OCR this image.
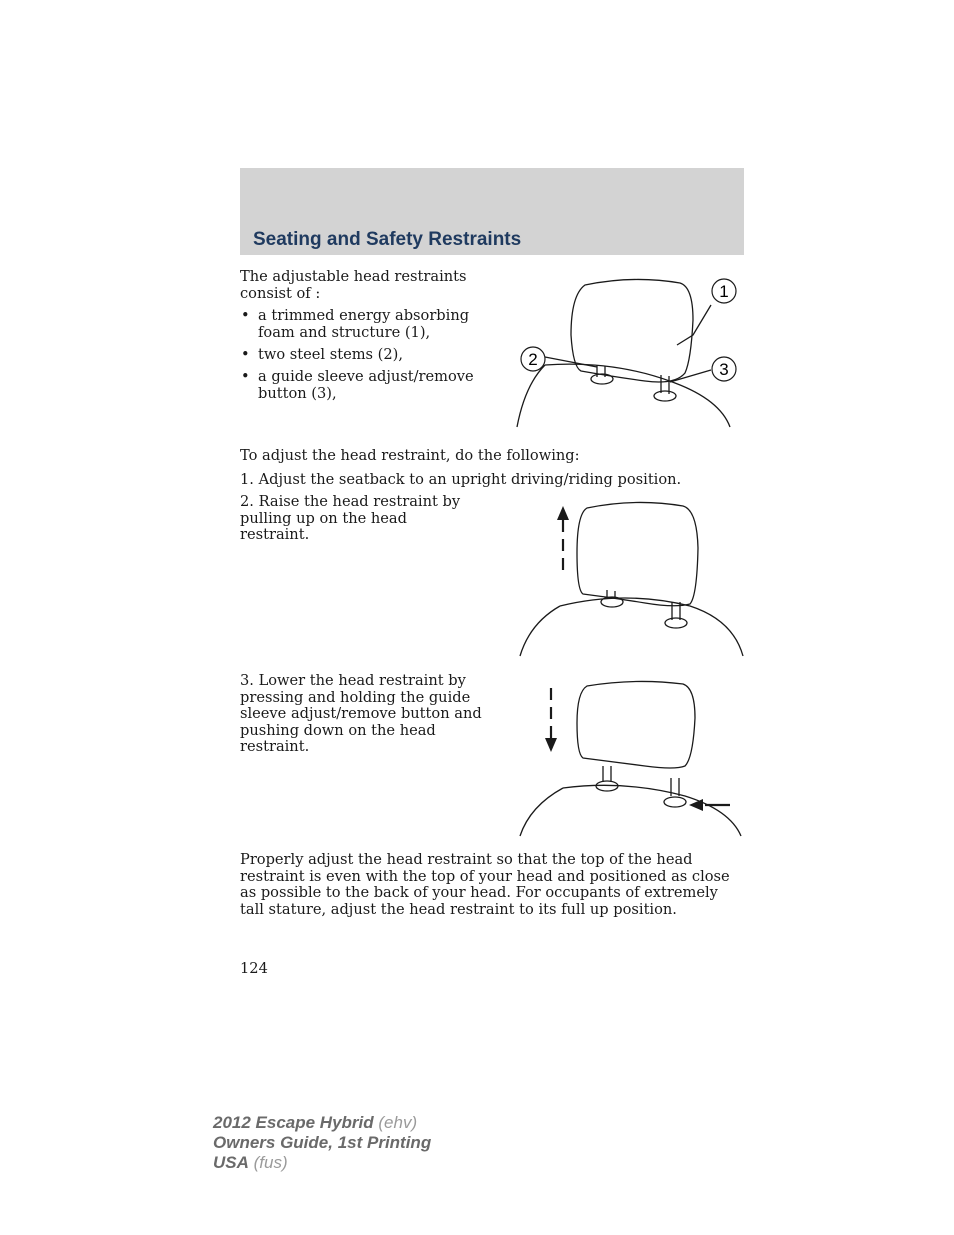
Seating and Safety Restraints

The adjustable head restraints consist of :

• a trimmed energy absorbing foam and structure (1),
• two steel stems (2),
• a guide sleeve adjust/remove button (3),
1
2
3

To adjust the head restraint, do the following:

1. Adjust the seatback to an upright driving/riding position.

2. Raise the head restraint by pulling up on the head restraint.

3. Lower the head restraint by pressing and holding the guide sleeve adjust/remove button and pushing down on the head restraint.

Properly adjust the head restraint so that the top of the head restraint is even with the top of your head and positioned as close as possible to the back of your head. For occupants of extremely tall stature, adjust the head restraint to its full up position.

124

2012 Escape Hybrid (ehv)
Owners Guide, 1st Printing
USA (fus)
